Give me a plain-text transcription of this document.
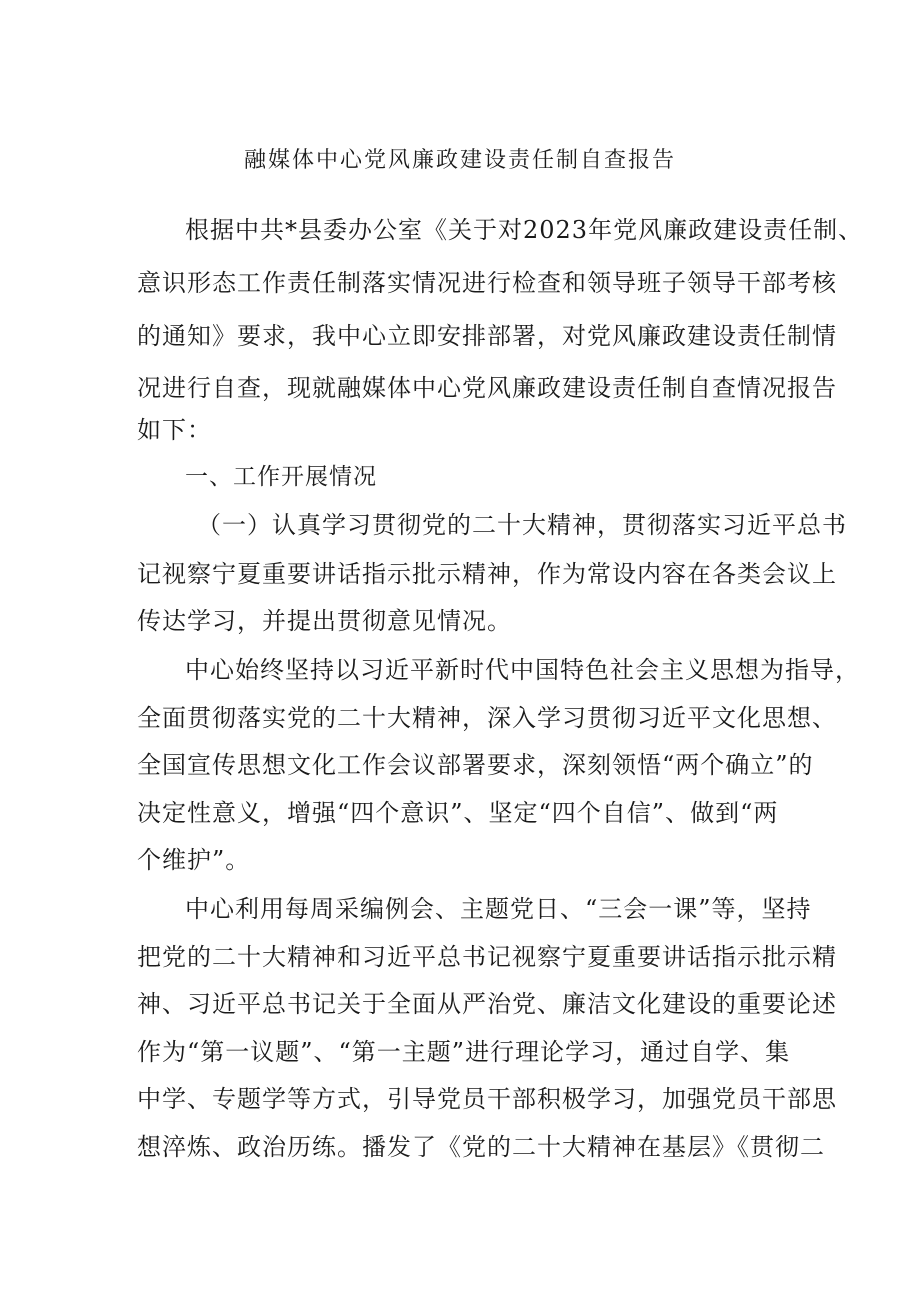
融媒体中心党风廉政建设责任制自查报告
根据中共*县委办公室《关于对2023年党风廉政建设责任制、
意识形态工作责任制落实情况进行检查和领导班子领导干部考核
的通知》要求，我中心立即安排部署，对党风廉政建设责任制情
况进行自查，现就融媒体中心党风廉政建设责任制自查情况报告
如下：
一、工作开展情况
（一）认真学习贯彻党的二十大精神，贯彻落实习近平总书
记视察宁夏重要讲话指示批示精神，作为常设内容在各类会议上
传达学习，并提出贯彻意见情况。
中心始终坚持以习近平新时代中国特色社会主义思想为指导，
全面贯彻落实党的二十大精神，深入学习贯彻习近平文化思想、
全国宣传思想文化工作会议部署要求，深刻领悟“两个确立”的
决定性意义，增强“四个意识”、坚定“四个自信”、做到“两
个维护”。
中心利用每周采编例会、主题党日、“三会一课”等，坚持
把党的二十大精神和习近平总书记视察宁夏重要讲话指示批示精
神、习近平总书记关于全面从严治党、廉洁文化建设的重要论述
作为“第一议题”、“第一主题”进行理论学习，通过自学、集
中学、专题学等方式，引导党员干部积极学习，加强党员干部思
想淬炼、政治历练。播发了《党的二十大精神在基层》《贯彻二
